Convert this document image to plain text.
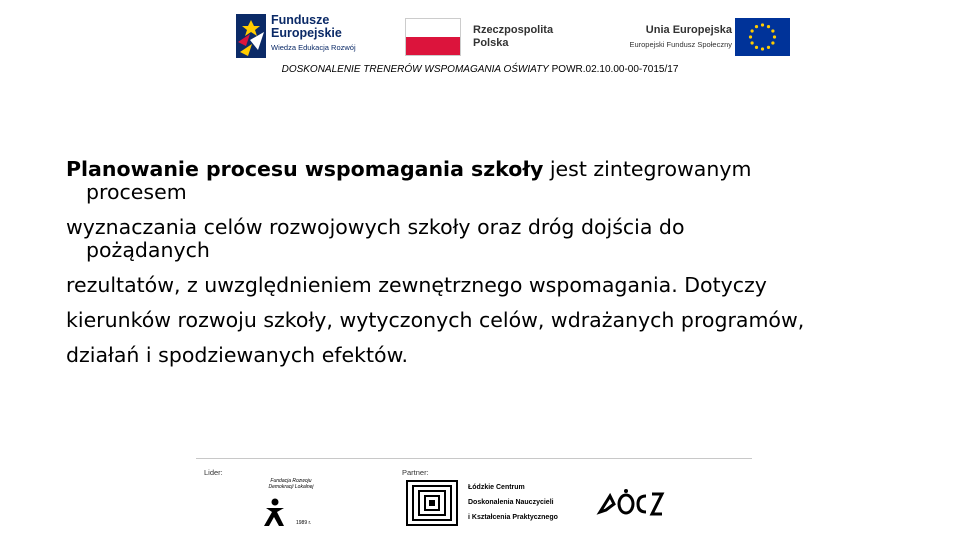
Fundusze
Europejskie
Wiedza Edukacja Rozwój
Rzeczpospolita
Polska
Unia Europejska
Europejski Fundusz Społeczny
DOSKONALENIE TRENERÓW WSPOMAGANIA OŚWIATY POWR.02.10.00-00-7015/17

Planowanie procesu wspomagania szkoły jest zintegrowanym

procesem

wyznaczania celów rozwojowych szkoły oraz dróg dojścia do

pożądanych

rezultatów, z uwzględnieniem zewnętrznego wspomagania. Dotyczy

kierunków rozwoju szkoły, wytyczonych celów, wdrażanych programów,

działań i spodziewanych efektów.

Lider:	Partner:
Fundacja Rozwoju Demokracji Lokalnej
1989 r.
Łódzkie Centrum
Doskonalenia Nauczycieli
i Kształcenia Praktycznego
